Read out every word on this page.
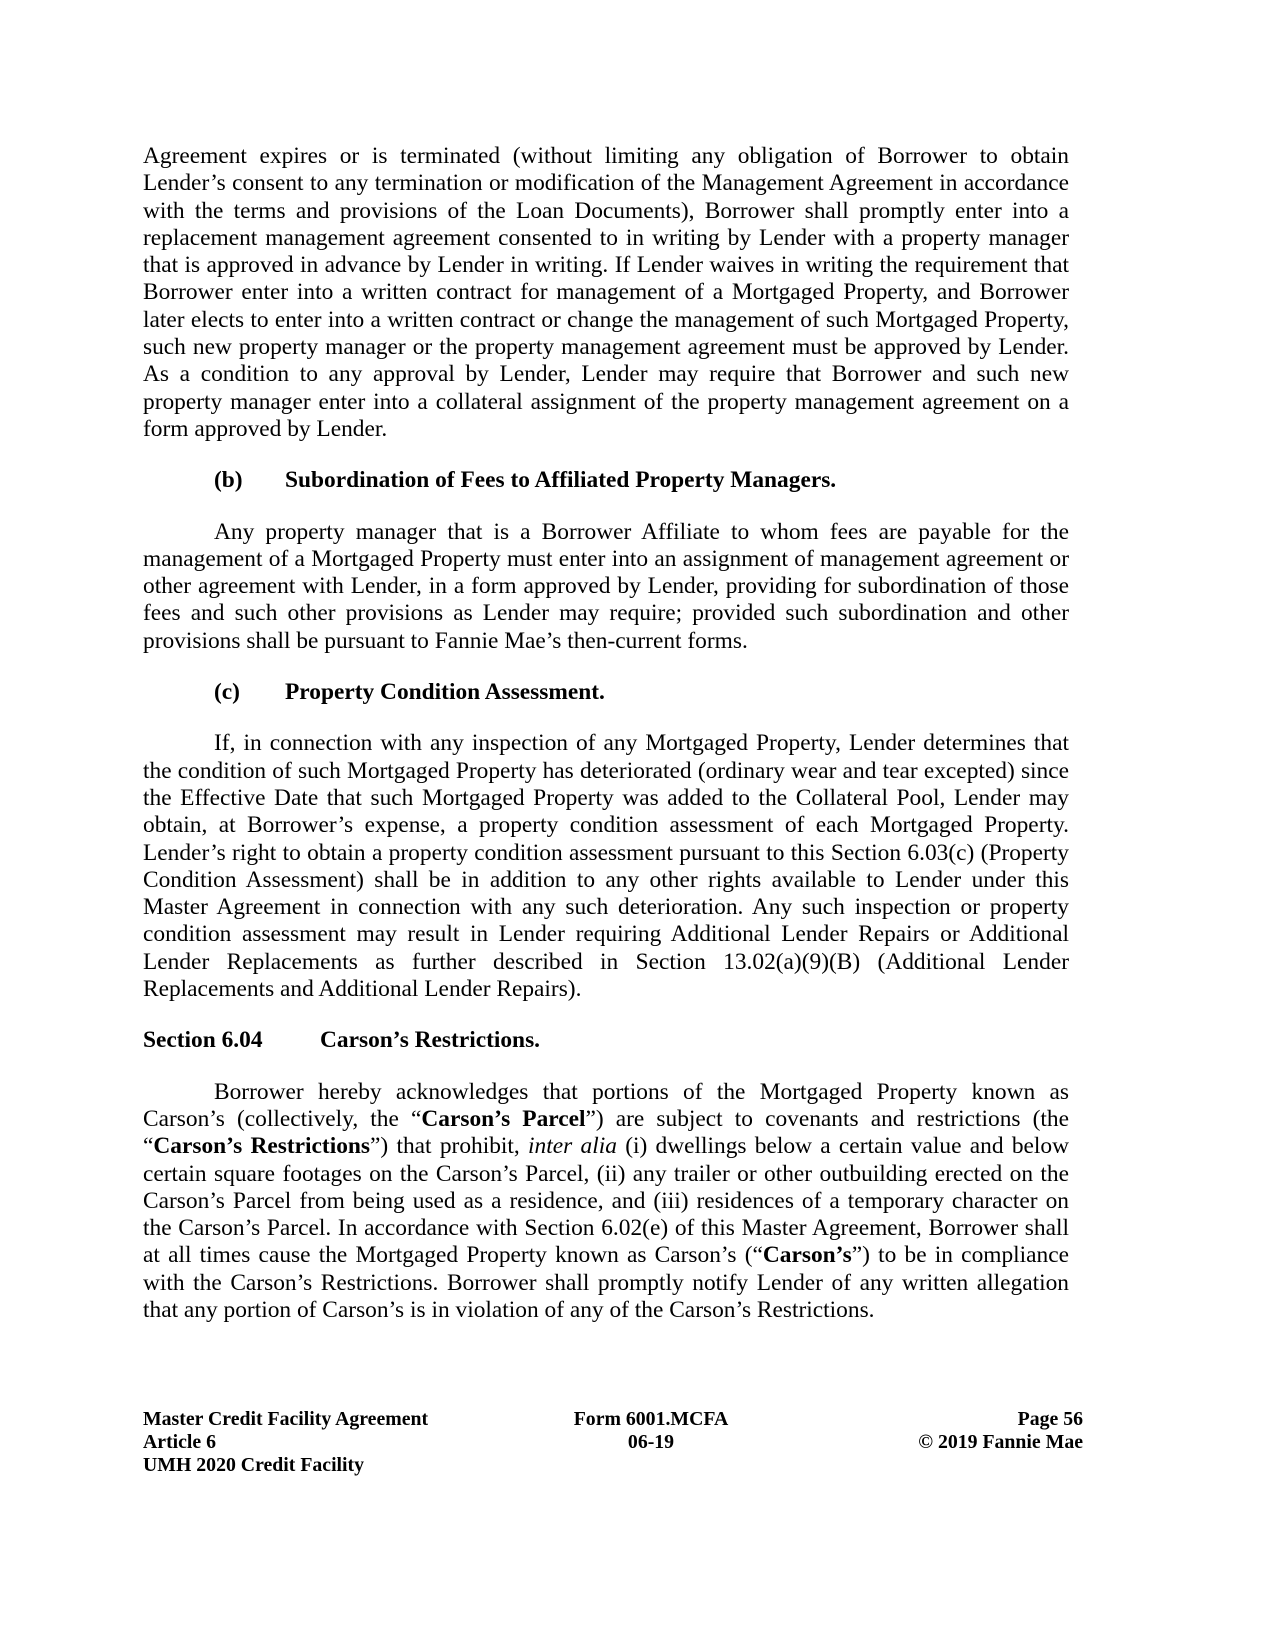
Agreement expires or is terminated (without limiting any obligation of Borrower to obtain
Lender’s consent to any termination or modification of the Management Agreement in accordance
with the terms and provisions of the Loan Documents), Borrower shall promptly enter into a
replacement management agreement consented to in writing by Lender with a property manager
that is approved in advance by Lender in writing. If Lender waives in writing the requirement that
Borrower enter into a written contract for management of a Mortgaged Property, and Borrower
later elects to enter into a written contract or change the management of such Mortgaged Property,
such new property manager or the property management agreement must be approved by Lender.
As a condition to any approval by Lender, Lender may require that Borrower and such new
property manager enter into a collateral assignment of the property management agreement on a
form approved by Lender.
(b) Subordination of Fees to Affiliated Property Managers.
Any property manager that is a Borrower Affiliate to whom fees are payable for the
management of a Mortgaged Property must enter into an assignment of management agreement or
other agreement with Lender, in a form approved by Lender, providing for subordination of those
fees and such other provisions as Lender may require; provided such subordination and other
provisions shall be pursuant to Fannie Mae’s then-current forms.
(c) Property Condition Assessment.
If, in connection with any inspection of any Mortgaged Property, Lender determines that
the condition of such Mortgaged Property has deteriorated (ordinary wear and tear excepted) since
the Effective Date that such Mortgaged Property was added to the Collateral Pool, Lender may
obtain, at Borrower’s expense, a property condition assessment of each Mortgaged Property.
Lender’s right to obtain a property condition assessment pursuant to this Section 6.03(c) (Property
Condition Assessment) shall be in addition to any other rights available to Lender under this
Master Agreement in connection with any such deterioration. Any such inspection or property
condition assessment may result in Lender requiring Additional Lender Repairs or Additional
Lender Replacements as further described in Section 13.02(a)(9)(B) (Additional Lender
Replacements and Additional Lender Repairs).
Section 6.04 Carson’s Restrictions.
Borrower hereby acknowledges that portions of the Mortgaged Property known as
Carson’s (collectively, the “Carson’s Parcel”) are subject to covenants and restrictions (the
“Carson’s Restrictions”) that prohibit, inter alia (i) dwellings below a certain value and below
certain square footages on the Carson’s Parcel, (ii) any trailer or other outbuilding erected on the
Carson’s Parcel from being used as a residence, and (iii) residences of a temporary character on
the Carson’s Parcel. In accordance with Section 6.02(e) of this Master Agreement, Borrower shall
at all times cause the Mortgaged Property known as Carson’s (“Carson’s”) to be in compliance
with the Carson’s Restrictions. Borrower shall promptly notify Lender of any written allegation
that any portion of Carson’s is in violation of any of the Carson’s Restrictions.
Master Credit Facility Agreement
Article 6
UMH 2020 Credit Facility
Form 6001.MCFA
06-19
Page 56
© 2019 Fannie Mae
